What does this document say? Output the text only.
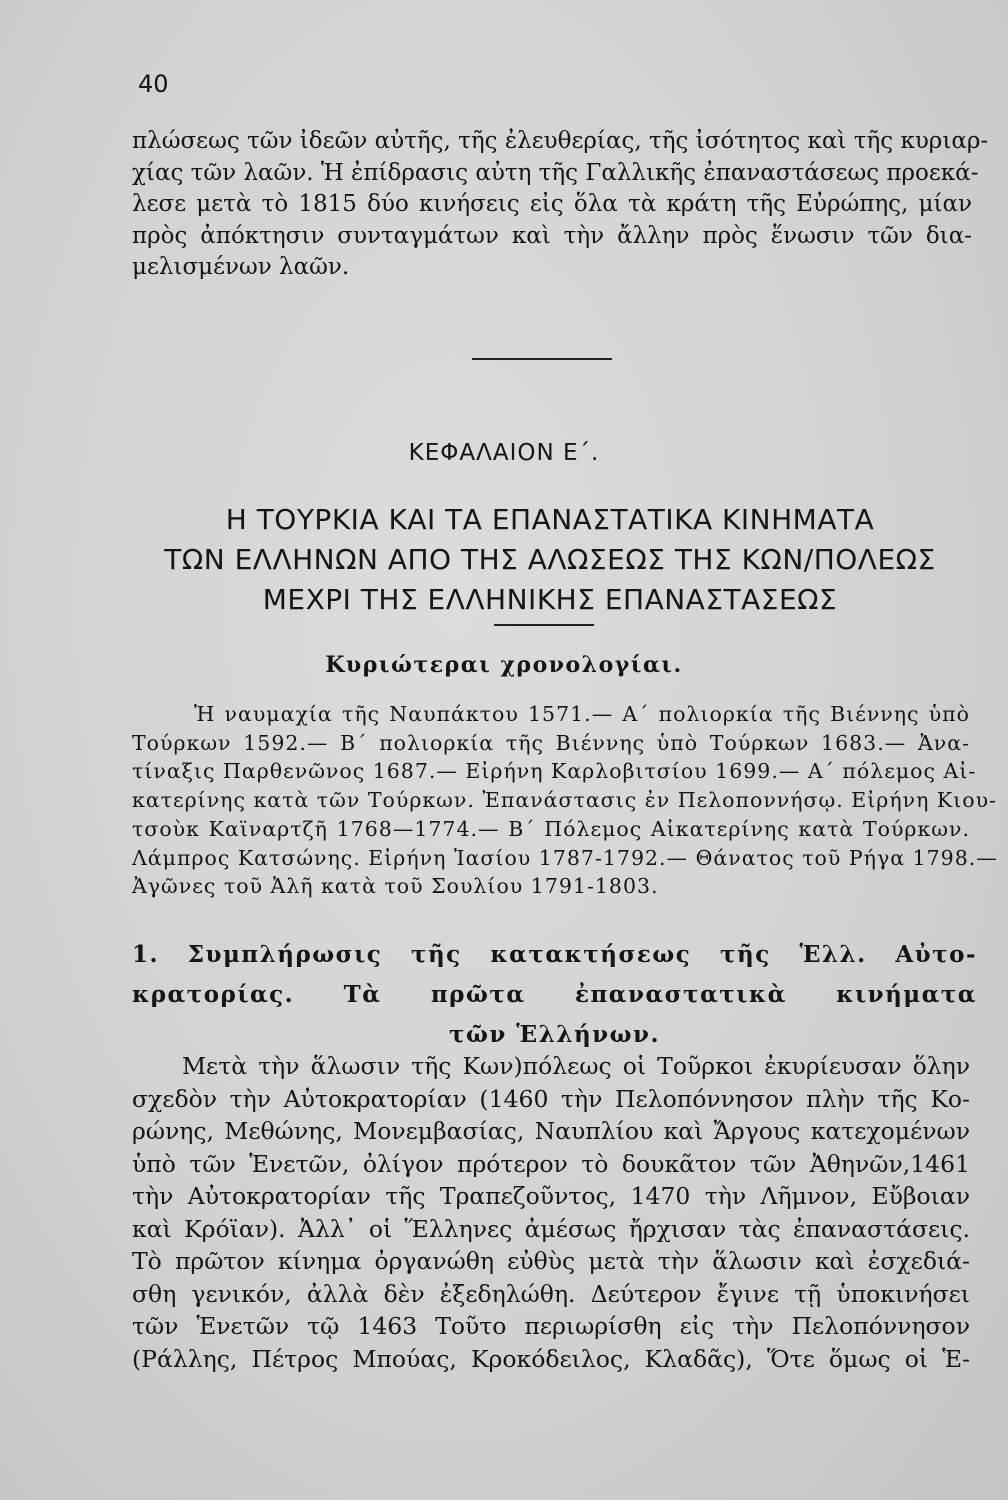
40

πλώσεως τῶν ἰδεῶν αὐτῆς, τῆς ἐλευθερίας, τῆς ἰσότητος καὶ τῆς κυριαρ-
χίας τῶν λαῶν. Ἡ ἐπίδρασις αὐτη τῆς Γαλλικῆς ἐπαναστάσεως προεκά-
λεσε μετὰ τὸ 1815 δύο κινήσεις εἰς ὅλα τὰ κράτη τῆς Εὐρώπης, μίαν
πρὸς ἀπόκτησιν συνταγμάτων καὶ τὴν ἄλλην πρὸς ἕνωσιν τῶν δια-
μελισμένων λαῶν.

ΚΕΦΑΛΑΙΟΝ Ε΄.
Η ΤΟΥΡΚΙΑ ΚΑΙ ΤΑ ΕΠΑΝΑΣΤΑΤΙΚΑ ΚΙΝΗΜΑΤΑ
ΤΩΝ ΕΛΛΗΝΩΝ ΑΠΟ ΤΗΣ ΑΛΩΣΕΩΣ ΤΗΣ ΚΩΝ/ΠΟΛΕΩΣ
ΜΕΧΡΙ ΤΗΣ ΕΛΛΗΝΙΚΗΣ ΕΠΑΝΑΣΤΑΣΕΩΣ
Κυριώτεραι χρονολογίαι.

Ἡ ναυμαχία τῆς Ναυπάκτου 1571.— Α΄ πολιορκία τῆς Βιέννης ὑπὸ
Τούρκων 1592.— Β΄ πολιορκία τῆς Βιέννης ὑπὸ Τούρκων 1683.— Ἀνα-
τίναξις Παρθενῶνος 1687.— Εἰρήνη Καρλοβιτσίου 1699.— Α΄ πόλεμος Αἰ-
κατερίνης κατὰ τῶν Τούρκων. Ἐπανάστασις ἐν Πελοποννήσῳ. Εἰρήνη Κιου-
τσοὺκ Καϊναρτζῆ 1768—1774.— Β΄ Πόλεμος Αἰκατερίνης κατὰ Τούρκων.
Λάμπρος Κατσώνης. Εἰρήνη Ἰασίου 1787-1792.— Θάνατος τοῦ Ρήγα 1798.—
Ἀγῶνες τοῦ Ἀλῆ κατὰ τοῦ Σουλίου 1791-1803.

1. Συμπλήρωσις τῆς κατακτήσεως τῆς Ἑλλ. Αὐτο-
κρατορίας. Τὰ πρῶτα ἐπαναστατικὰ κινήματα
τῶν Ἑλλήνων.

Μετὰ τὴν ἅλωσιν τῆς Κων)πόλεως οἱ Τοῦρκοι ἐκυρίευσαν ὅλην
σχεδὸν τὴν Αὐτοκρατορίαν (1460 τὴν Πελοπόννησον πλὴν τῆς Κο-
ρώνης, Μεθώνης, Μονεμβασίας, Ναυπλίου καὶ Ἄργους κατεχομένων
ὑπὸ τῶν Ἑνετῶν, ὀλίγον πρότερον τὸ δουκᾶτον τῶν Ἀθηνῶν,1461
τὴν Αὐτοκρατορίαν τῆς Τραπεζοῦντος, 1470 τὴν Λῆμνον, Εὔβοιαν
καὶ Κρόϊαν). Ἀλλ᾿ οἱ Ἕλληνες ἀμέσως ἤρχισαν τὰς ἐπαναστάσεις.
Τὸ πρῶτον κίνημα ὀργανώθη εὐθὺς μετὰ τὴν ἅλωσιν καὶ ἐσχεδιά-
σθη γενικόν, ἀλλὰ δὲν ἐξεδηλώθη. Δεύτερον ἔγινε τῇ ὑποκινήσει
τῶν Ἑνετῶν τῷ 1463 Τοῦτο περιωρίσθη εἰς τὴν Πελοπόννησον
(Ράλλης, Πέτρος Μπούας, Κροκόδειλος, Κλαδᾶς), Ὅτε ὅμως οἱ Ἑ-
